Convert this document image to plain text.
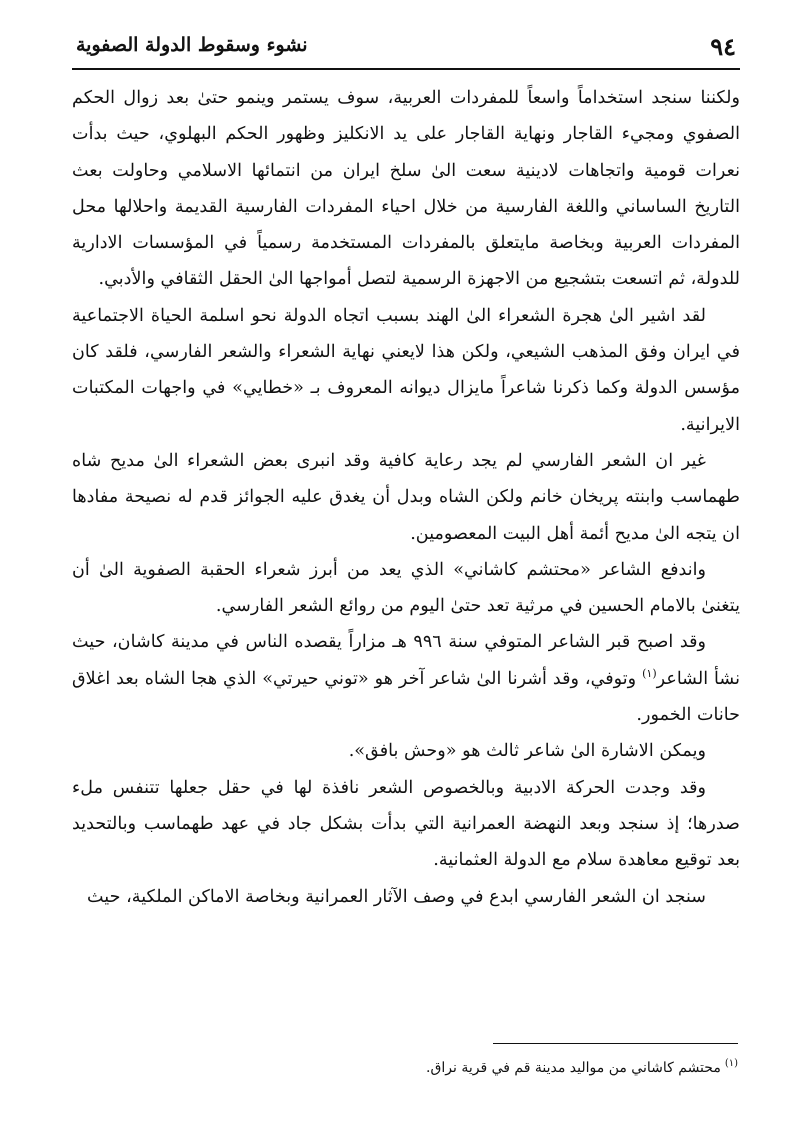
٩٤
نشوء وسقوط الدولة الصفوية

ولكننا سنجد استخداماً واسعاً للمفردات العربية، سوف يستمر وينمو حتىٰ بعد زوال الحكم الصفوي ومجيء القاجار ونهاية القاجار على يد الانكليز وظهور الحكم البهلوي، حيث بدأت نعرات قومية واتجاهات لادينية سعت الىٰ سلخ ايران من انتمائها الاسلامي وحاولت بعث التاريخ الساساني واللغة الفارسية من خلال احياء المفردات الفارسية القديمة واحلالها محل المفردات العربية وبخاصة مايتعلق بالمفردات المستخدمة رسمياً في المؤسسات الادارية للدولة، ثم اتسعت بتشجيع من الاجهزة الرسمية لتصل أمواجها الىٰ الحقل الثقافي والأدبي.

لقد اشير الىٰ هجرة الشعراء الىٰ الهند بسبب اتجاه الدولة نحو اسلمة الحياة الاجتماعية في ايران وفق المذهب الشيعي، ولكن هذا لايعني نهاية الشعراء والشعر الفارسي، فلقد كان مؤسس الدولة وكما ذكرنا شاعراً مايزال ديوانه المعروف بـ «خطايي» في واجهات المكتبات الايرانية.

غير ان الشعر الفارسي لم يجد رعاية كافية وقد انبرى بعض الشعراء الىٰ مديح شاه طهماسب وابنته پريخان خانم ولكن الشاه وبدل أن يغدق عليه الجوائز قدم له نصيحة مفادها ان يتجه الىٰ مديح أئمة أهل البيت المعصومين.

واندفع الشاعر «محتشم كاشاني» الذي يعد من أبرز شعراء الحقبة الصفوية الىٰ أن يتغنىٰ بالامام الحسين في مرثية تعد حتىٰ اليوم من روائع الشعر الفارسي.

وقد اصبح قبر الشاعر المتوفي سنة ٩٩٦ هـ مزاراً يقصده الناس في مدينة كاشان، حيث نشأ الشاعر$^{(١)}$ وتوفي، وقد أشرنا الىٰ شاعر آخر هو «توني حيرتي» الذي هجا الشاه بعد اغلاق حانات الخمور.

ويمكن الاشارة الىٰ شاعر ثالث هو «وحش بافق».

وقد وجدت الحركة الادبية وبالخصوص الشعر نافذة لها في حقل جعلها تتنفس ملء صدرها؛ إذ سنجد وبعد النهضة العمرانية التي بدأت بشكل جاد في عهد طهماسب وبالتحديد بعد توقيع معاهدة سلام مع الدولة العثمانية.

سنجد ان الشعر الفارسي ابدع في وصف الآثار العمرانية وبخاصة الاماكن الملكية، حيث

$^{(١)}$محتشم كاشاني من مواليد مدينة قم في قرية نراق.
